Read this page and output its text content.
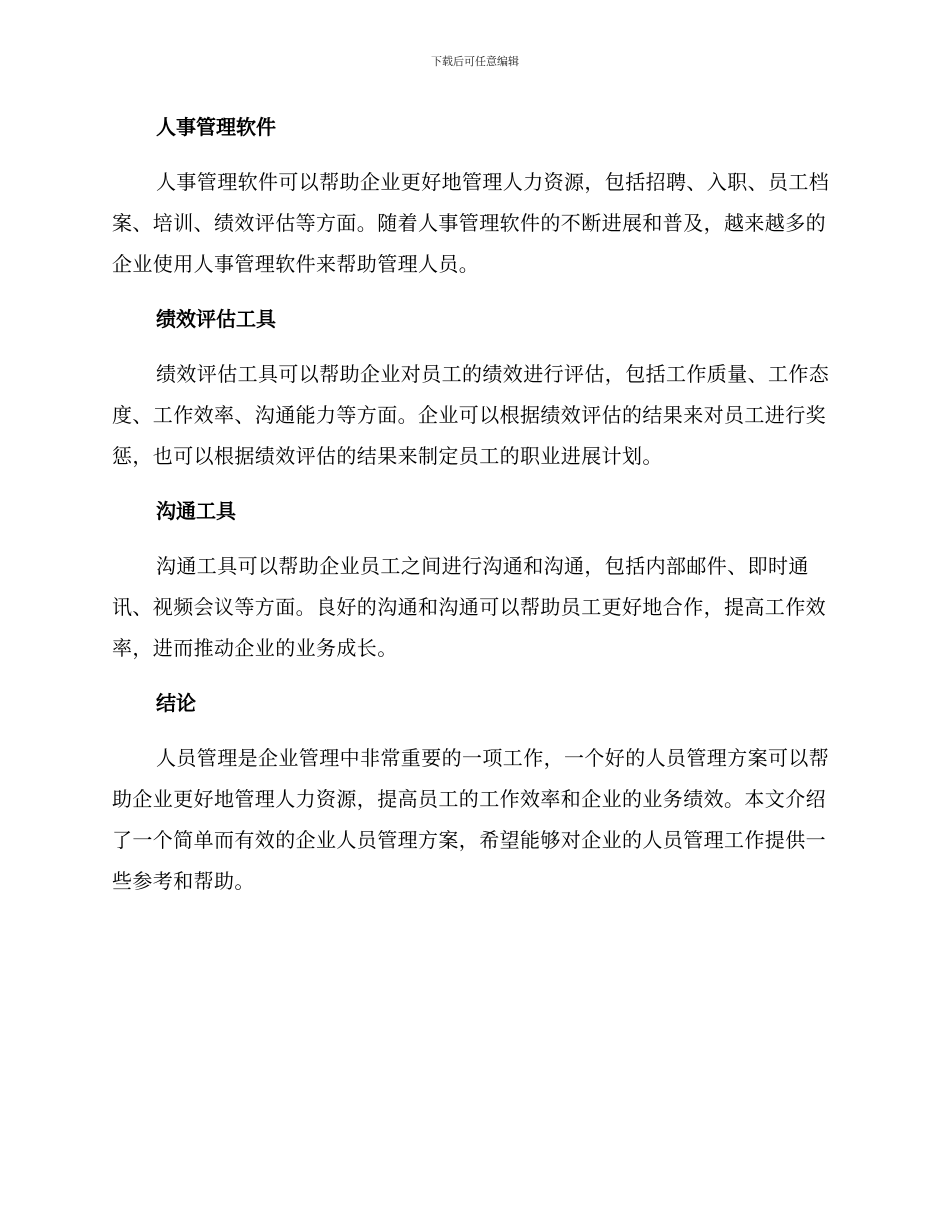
下载后可任意编辑
人事管理软件

人事管理软件可以帮助企业更好地管理人力资源，包括招聘、入职、员工档案、培训、绩效评估等方面。随着人事管理软件的不断进展和普及，越来越多的企业使用人事管理软件来帮助管理人员。

绩效评估工具

绩效评估工具可以帮助企业对员工的绩效进行评估，包括工作质量、工作态度、工作效率、沟通能力等方面。企业可以根据绩效评估的结果来对员工进行奖惩，也可以根据绩效评估的结果来制定员工的职业进展计划。

沟通工具

沟通工具可以帮助企业员工之间进行沟通和沟通，包括内部邮件、即时通讯、视频会议等方面。良好的沟通和沟通可以帮助员工更好地合作，提高工作效率，进而推动企业的业务成长。

结论

人员管理是企业管理中非常重要的一项工作，一个好的人员管理方案可以帮助企业更好地管理人力资源，提高员工的工作效率和企业的业务绩效。本文介绍了一个简单而有效的企业人员管理方案，希望能够对企业的人员管理工作提供一些参考和帮助。
